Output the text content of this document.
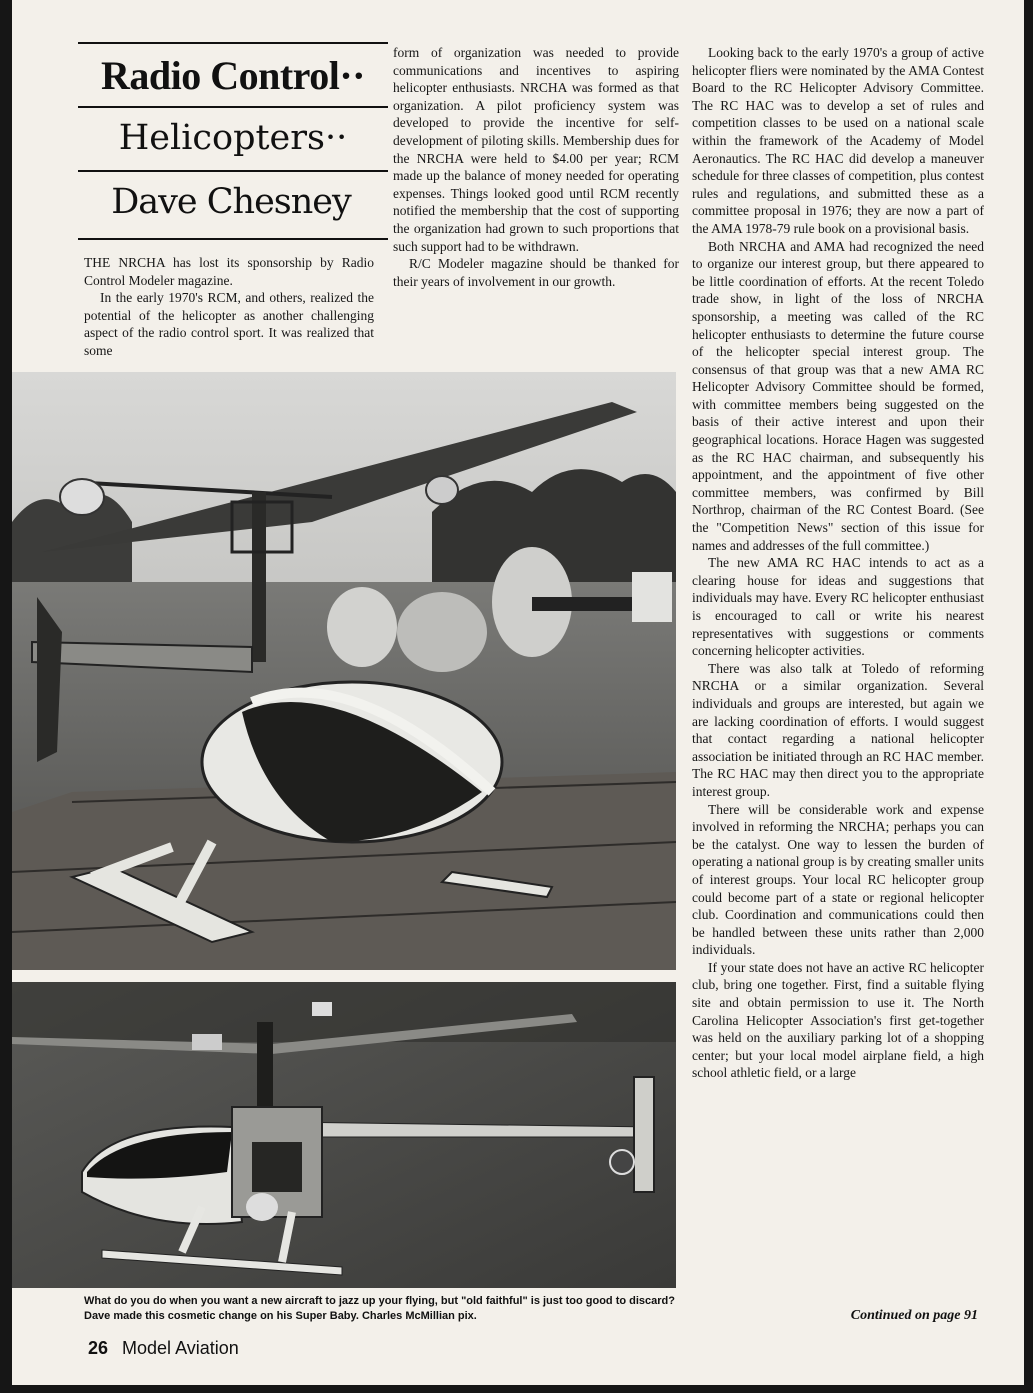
Radio Control··
Helicopters··
Dave Chesney

THE NRCHA has lost its sponsorship by Radio Control Modeler magazine.

In the early 1970's RCM, and others, realized the potential of the helicopter as another challenging aspect of the radio control sport. It was realized that some

form of organization was needed to provide communications and incentives to aspiring helicopter enthusiasts. NRCHA was formed as that organization. A pilot proficiency system was developed to provide the incentive for self-development of piloting skills. Membership dues for the NRCHA were held to $4.00 per year; RCM made up the balance of money needed for operating expenses. Things looked good until RCM recently notified the membership that the cost of supporting the organization had grown to such proportions that such support had to be withdrawn.

R/C Modeler magazine should be thanked for their years of involvement in our growth.

Looking back to the early 1970's a group of active helicopter fliers were nominated by the AMA Contest Board to the RC Helicopter Advisory Committee. The RC HAC was to develop a set of rules and competition classes to be used on a national scale within the framework of the Academy of Model Aeronautics. The RC HAC did develop a maneuver schedule for three classes of competition, plus contest rules and regulations, and submitted these as a committee proposal in 1976; they are now a part of the AMA 1978-79 rule book on a provisional basis.

Both NRCHA and AMA had recognized the need to organize our interest group, but there appeared to be little coordination of efforts. At the recent Toledo trade show, in light of the loss of NRCHA sponsorship, a meeting was called of the RC helicopter enthusiasts to determine the future course of the helicopter special interest group. The consensus of that group was that a new AMA RC Helicopter Advisory Committee should be formed, with committee members being suggested on the basis of their active interest and upon their geographical locations. Horace Hagen was suggested as the RC HAC chairman, and subsequently his appointment, and the appointment of five other committee members, was confirmed by Bill Northrop, chairman of the RC Contest Board. (See the "Competition News" section of this issue for names and addresses of the full committee.)

The new AMA RC HAC intends to act as a clearing house for ideas and suggestions that individuals may have. Every RC helicopter enthusiast is encouraged to call or write his nearest representatives with suggestions or comments concerning helicopter activities.

There was also talk at Toledo of reforming NRCHA or a similar organization. Several individuals and groups are interested, but again we are lacking coordination of efforts. I would suggest that contact regarding a national helicopter association be initiated through an RC HAC member. The RC HAC may then direct you to the appropriate interest group.

There will be considerable work and expense involved in reforming the NRCHA; perhaps you can be the catalyst. One way to lessen the burden of operating a national group is by creating smaller units of interest groups. Your local RC helicopter group could become part of a state or regional helicopter club. Coordination and communications could then be handled between these units rather than 2,000 individuals.

If your state does not have an active RC helicopter club, bring one together. First, find a suitable flying site and obtain permission to use it. The North Carolina Helicopter Association's first get-together was held on the auxiliary parking lot of a shopping center; but your local model airplane field, a high school athletic field, or a large

What do you do when you want a new aircraft to jazz up your flying, but "old faithful" is just too good to discard? Dave made this cosmetic change on his Super Baby. Charles McMillian pix.	Continued on page 91
26 Model Aviation
